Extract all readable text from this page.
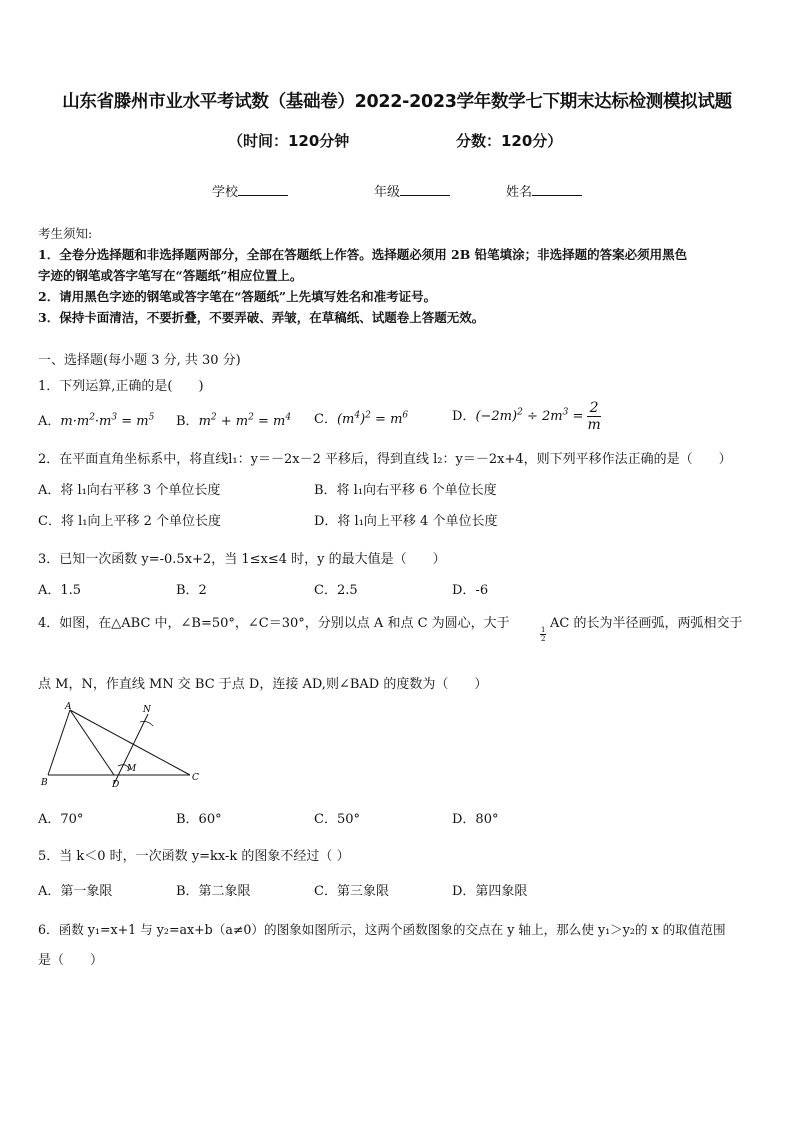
山东省滕州市业水平考试数（基础卷）2022-2023学年数学七下期末达标检测模拟试题
（时间：120分钟	分数：120分）
学校	年级	姓名
考生须知:
1．全卷分选择题和非选择题两部分，全部在答题纸上作答。选择题必须用 2B 铅笔填涂；非选择题的答案必须用黑色
字迹的钢笔或答字笔写在“答题纸”相应位置上。
2．请用黑色字迹的钢笔或答字笔在“答题纸”上先填写姓名和准考证号。
3．保持卡面清洁，不要折叠，不要弄破、弄皱，在草稿纸、试题卷上答题无效。
一、选择题(每小题 3 分, 共 30 分)
1．下列运算,正确的是(　　)
A．$m\cdot m^2\cdot m^3 = m^5$ B．$m^2 + m^2 = m^4$ C．$(m^4)^2 = m^6$	D．$(-2m)^2 \div 2m^3 = \frac{2}{m}$
2．在平面直角坐标系中，将直线l₁：y＝－2x－2 平移后，得到直线 l₂：y＝－2x+4，则下列平移作法正确的是（　　）
A．将 l₁向右平移 3 个单位长度	B．将 l₁向右平移 6 个单位长度
C．将 l₁向上平移 2 个单位长度	D．将 l₁向上平移 4 个单位长度
3．已知一次函数 y=-0.5x+2，当 1≤x≤4 时，y 的最大值是（　　）
A．1.5	B．2	C．2.5	D．-6
4．如图，在△ABC 中，∠B=50°，∠C＝30°，分别以点 A 和点 C 为圆心，大于	1
2
AC 的长为半径画弧，两弧相交于
点 M，N，作直线 MN 交 BC 于点 D，连接 AD,则∠BAD 的度数为（　　）
A
B	C
D
M
N
A．70°	B．60°	C．50°	D．80°
5．当 k＜0 时，一次函数 y=kx-k 的图象不经过（ ）
A．第一象限	B．第二象限	C．第三象限	D．第四象限
6．函数 y₁=x+1 与 y₂=ax+b（a≠0）的图象如图所示，这两个函数图象的交点在 y 轴上，那么使 y₁＞y₂的 x 的取值范围
是（　　）
